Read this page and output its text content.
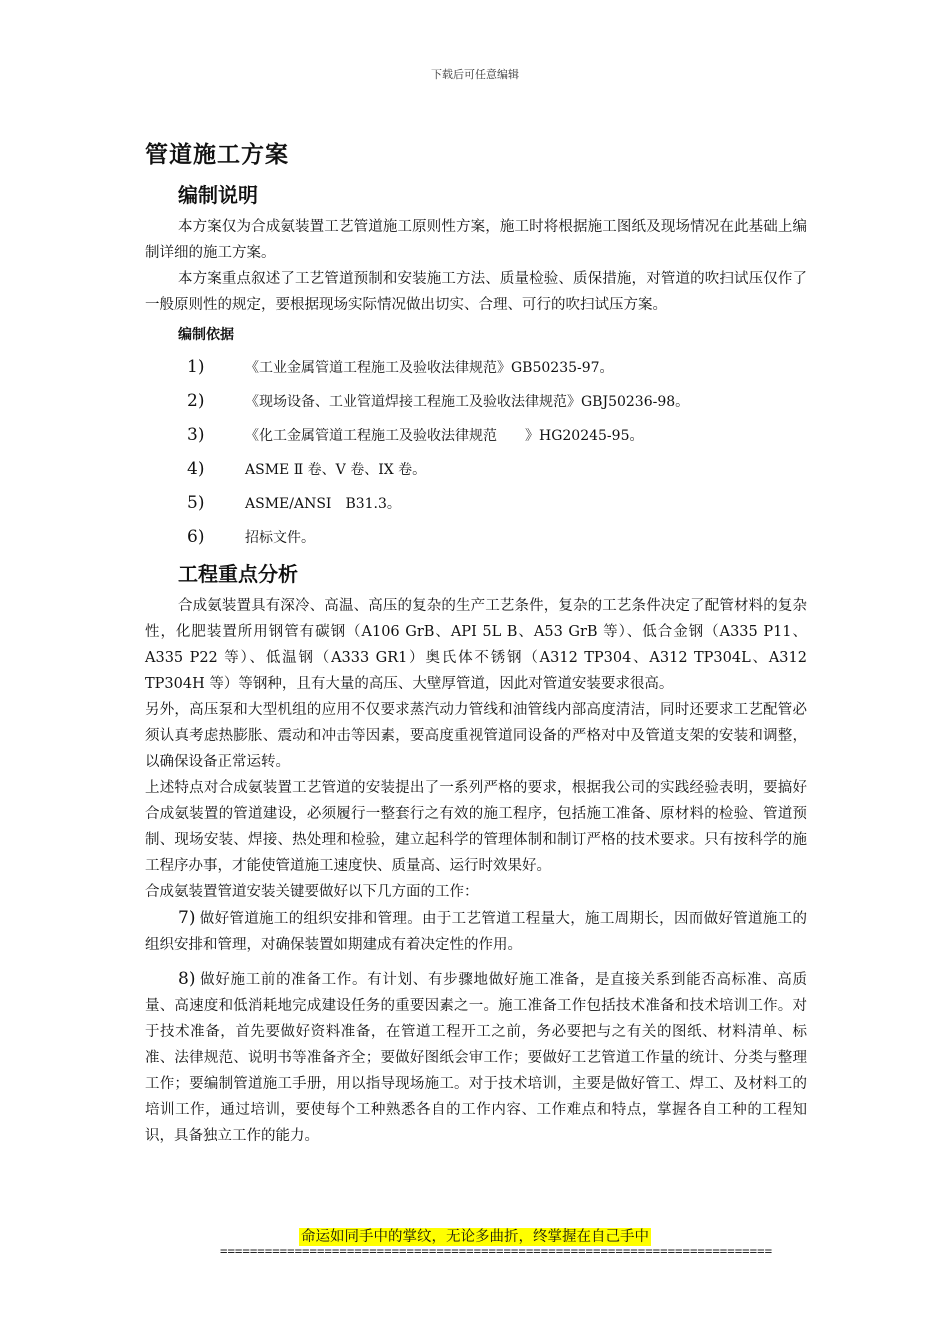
下载后可任意编辑
管道施工方案
编制说明

本方案仅为合成氨装置工艺管道施工原则性方案，施工时将根据施工图纸及现场情况在此基础上编制详细的施工方案。

本方案重点叙述了工艺管道预制和安装施工方法、质量检验、质保措施，对管道的吹扫试压仅作了一般原则性的规定，要根据现场实际情况做出切实、合理、可行的吹扫试压方案。

编制依据
1)	《工业金属管道工程施工及验收法律规范》GB50235-97。
2)	《现场设备、工业管道焊接工程施工及验收法律规范》GBJ50236-98。
3)	《化工金属管道工程施工及验收法律规范　　》HG20245-95。
4)	ASME Ⅱ 卷、V 卷、IX 卷。
5)	ASME/ANSI　B31.3。
6)	招标文件。
工程重点分析

合成氨装置具有深冷、高温、高压的复杂的生产工艺条件，复杂的工艺条件决定了配管材料的复杂性，化肥装置所用钢管有碳钢（A106 GrB、API 5L B、A53 GrB 等）、低合金钢（A335 P11、A335 P22 等）、低温钢（A333 GR1）奥氏体不锈钢（A312 TP304、A312 TP304L、A312 TP304H 等）等钢种，且有大量的高压、大壁厚管道，因此对管道安装要求很高。

另外，高压泵和大型机组的应用不仅要求蒸汽动力管线和油管线内部高度清洁，同时还要求工艺配管必须认真考虑热膨胀、震动和冲击等因素，要高度重视管道同设备的严格对中及管道支架的安装和调整，以确保设备正常运转。

上述特点对合成氨装置工艺管道的安装提出了一系列严格的要求，根据我公司的实践经验表明，要搞好合成氨装置的管道建设，必须履行一整套行之有效的施工程序，包括施工准备、原材料的检验、管道预制、现场安装、焊接、热处理和检验，建立起科学的管理体制和制订严格的技术要求。只有按科学的施工程序办事，才能使管道施工速度快、质量高、运行时效果好。

合成氨装置管道安装关键要做好以下几方面的工作：

7) 做好管道施工的组织安排和管理。由于工艺管道工程量大，施工周期长，因而做好管道施工的组织安排和管理，对确保装置如期建成有着决定性的作用。

8) 做好施工前的准备工作。有计划、有步骤地做好施工准备，是直接关系到能否高标准、高质量、高速度和低消耗地完成建设任务的重要因素之一。施工准备工作包括技术准备和技术培训工作。对于技术准备，首先要做好资料准备，在管道工程开工之前，务必要把与之有关的图纸、材料清单、标准、法律规范、说明书等准备齐全；要做好图纸会审工作；要做好工艺管道工作量的统计、分类与整理工作；要编制管道施工手册，用以指导现场施工。对于技术培训，主要是做好管工、焊工、及材料工的培训工作，通过培训，要使每个工种熟悉各自的工作内容、工作难点和特点，掌握各自工种的工程知识，具备独立工作的能力。

命运如同手中的掌纹，无论多曲折，终掌握在自己手中
==========================================================================
